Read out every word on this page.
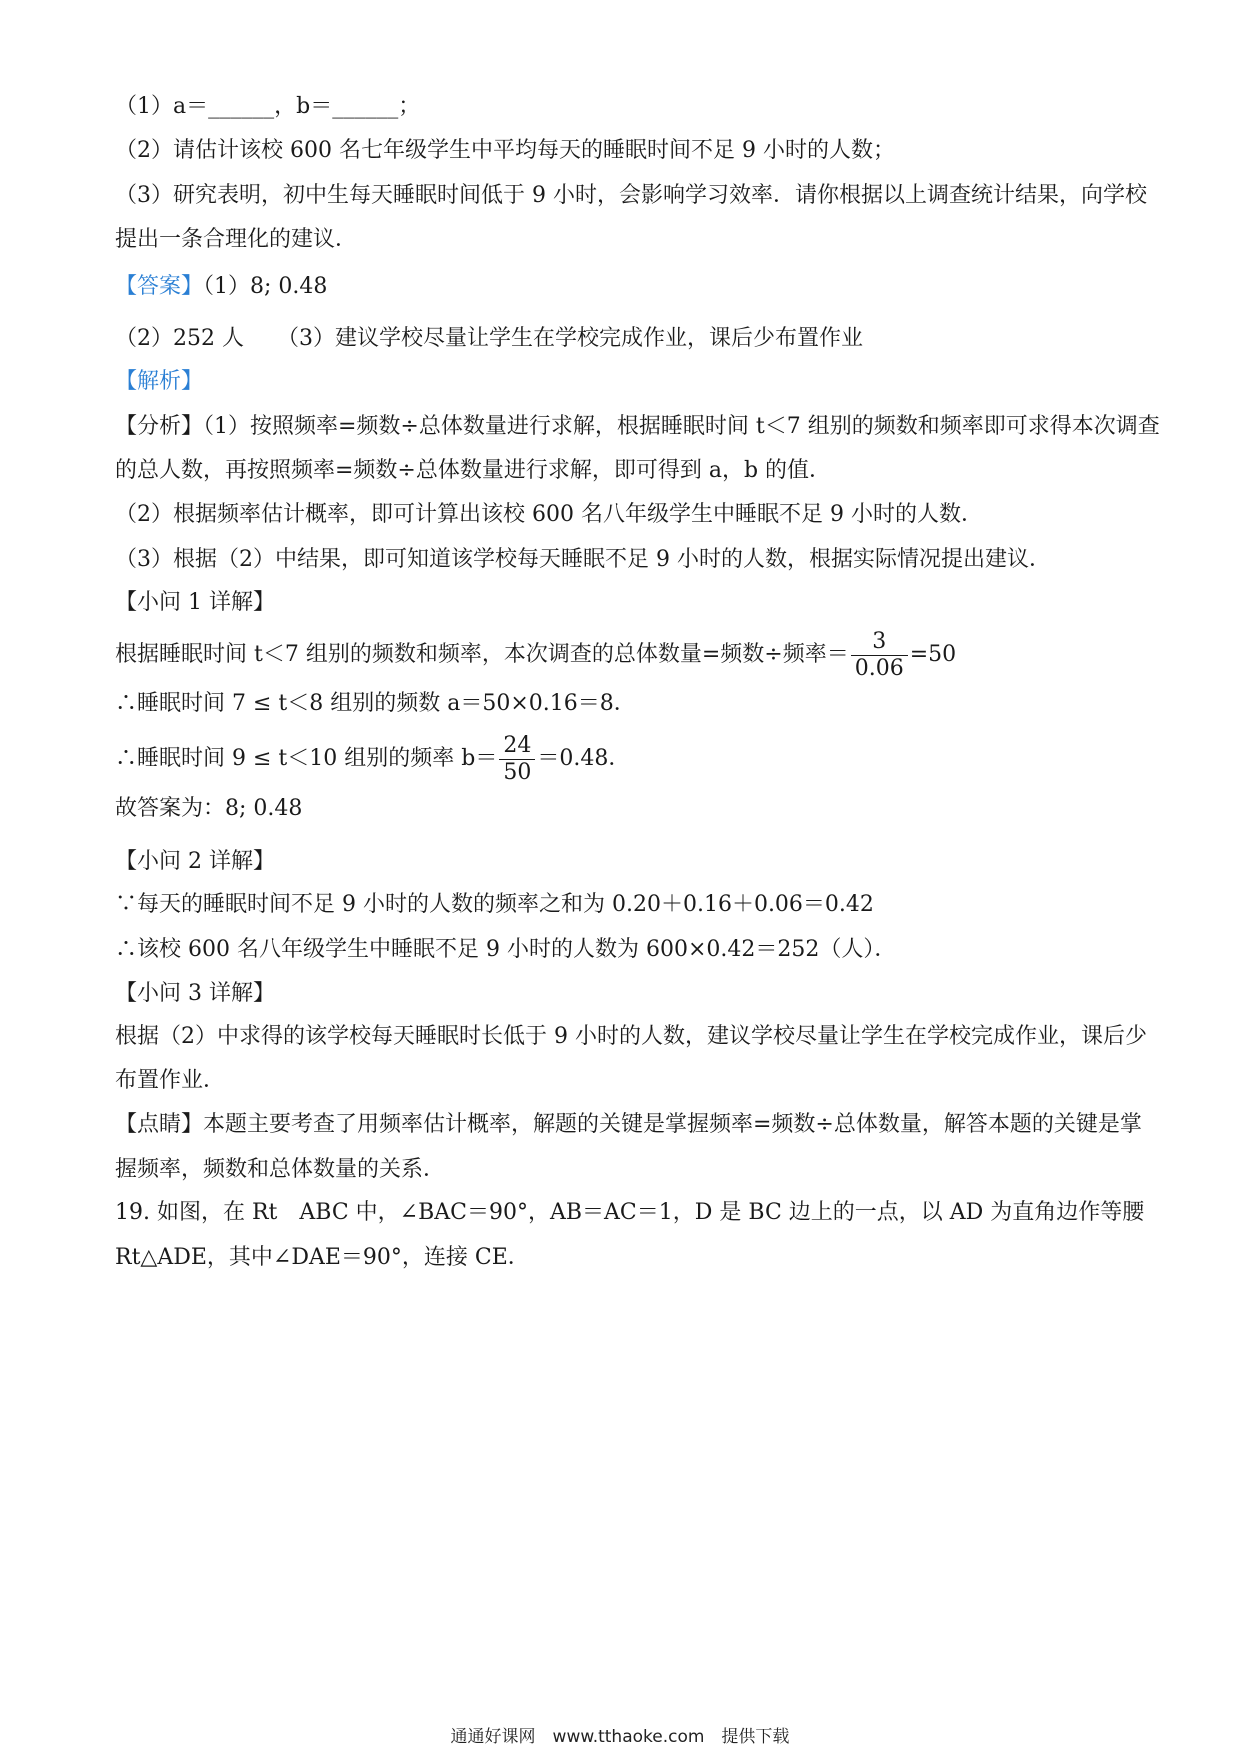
（1）a＝______，b＝______；
（2）请估计该校 600 名七年级学生中平均每天的睡眠时间不足 9 小时的人数；
（3）研究表明，初中生每天睡眠时间低于 9 小时，会影响学习效率．请你根据以上调查统计结果，向学校
提出一条合理化的建议．
【答案】（1）8; 0.48
（2）252 人　　（3）建议学校尽量让学生在学校完成作业，课后少布置作业
【解析】
【分析】（1）按照频率=频数÷总体数量进行求解，根据睡眠时间 t＜7 组别的频数和频率即可求得本次调查
的总人数，再按照频率=频数÷总体数量进行求解，即可得到 a，b 的值．
（2）根据频率估计概率，即可计算出该校 600 名八年级学生中睡眠不足 9 小时的人数．
（3）根据（2）中结果，即可知道该学校每天睡眠不足 9 小时的人数，根据实际情况提出建议．
【小问 1 详解】
根据睡眠时间 t＜7 组别的频数和频率，本次调查的总体数量=频数÷频率＝ $\frac{3}{0.06} =50$
∴睡眠时间 7 ≤ t＜8 组别的频数 a＝50×0.16＝8．
∴睡眠时间 9 ≤ t＜10 组别的频率 $b= \frac{24}{50} =0.48$．
故答案为：8; 0.48
【小问 2 详解】
∵每天的睡眠时间不足 9 小时的人数的频率之和为 0.20＋0.16＋0.06＝0.42
∴该校 600 名八年级学生中睡眠不足 9 小时的人数为 600×0.42＝252（人）．
【小问 3 详解】
根据（2）中求得的该学校每天睡眠时长低于 9 小时的人数，建议学校尽量让学生在学校完成作业，课后少
布置作业．
【点睛】本题主要考查了用频率估计概率，解题的关键是掌握频率=频数÷总体数量，解答本题的关键是掌
握频率，频数和总体数量的关系．
19. 如图，在 Rt　ABC 中，∠BAC＝90°，AB＝AC＝1，D 是 BC 边上的一点，以 AD 为直角边作等腰
Rt△ADE，其中∠DAE＝90°，连接 CE．
通通好课网　www.tthaoke.com　提供下载
